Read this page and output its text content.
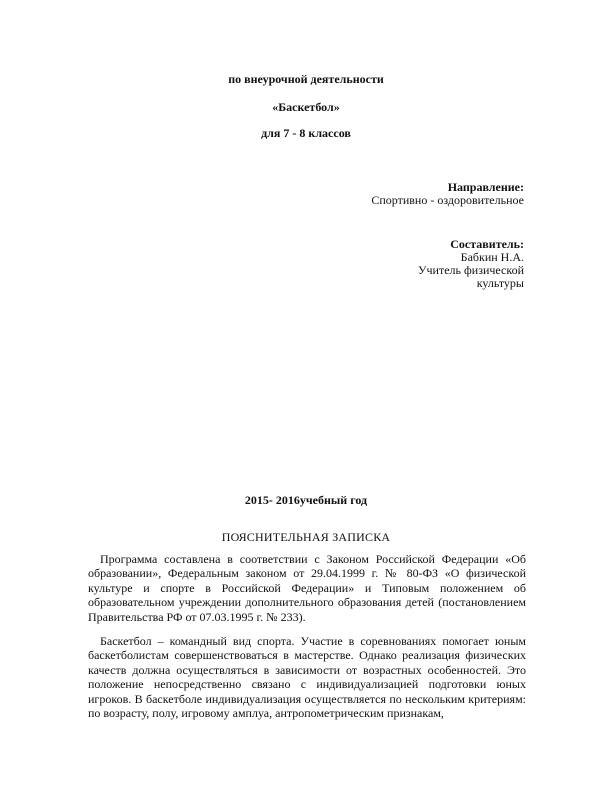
по внеурочной деятельности
«Баскетбол»
для 7 - 8 классов
Направление:
Спортивно - оздоровительное
Составитель:
Бабкин Н.А.
Учитель физической
культуры
2015- 2016учебный год
ПОЯСНИТЕЛЬНАЯ ЗАПИСКА

Программа составлена в соответствии с Законом Российской Федерации «Об образовании», Федеральным законом от 29.04.1999 г. № 80-ФЗ «О физической культуре и спорте в Российской Федерации» и Типовым положением об образовательном учреждении дополнительного образования детей (постановлением Правительства РФ от 07.03.1995 г. № 233).

Баскетбол – командный вид спорта. Участие в соревнованиях помогает юным баскетболистам совершенствоваться в мастерстве. Однако реализация физических качеств должна осуществляться в зависимости от возрастных особенностей. Это положение непосредственно связано с индивидуализацией подготовки юных игроков. В баскетболе индивидуализация осуществляется по нескольким критериям: по возрасту, полу, игровому амплуа, антропометрическим признакам,
